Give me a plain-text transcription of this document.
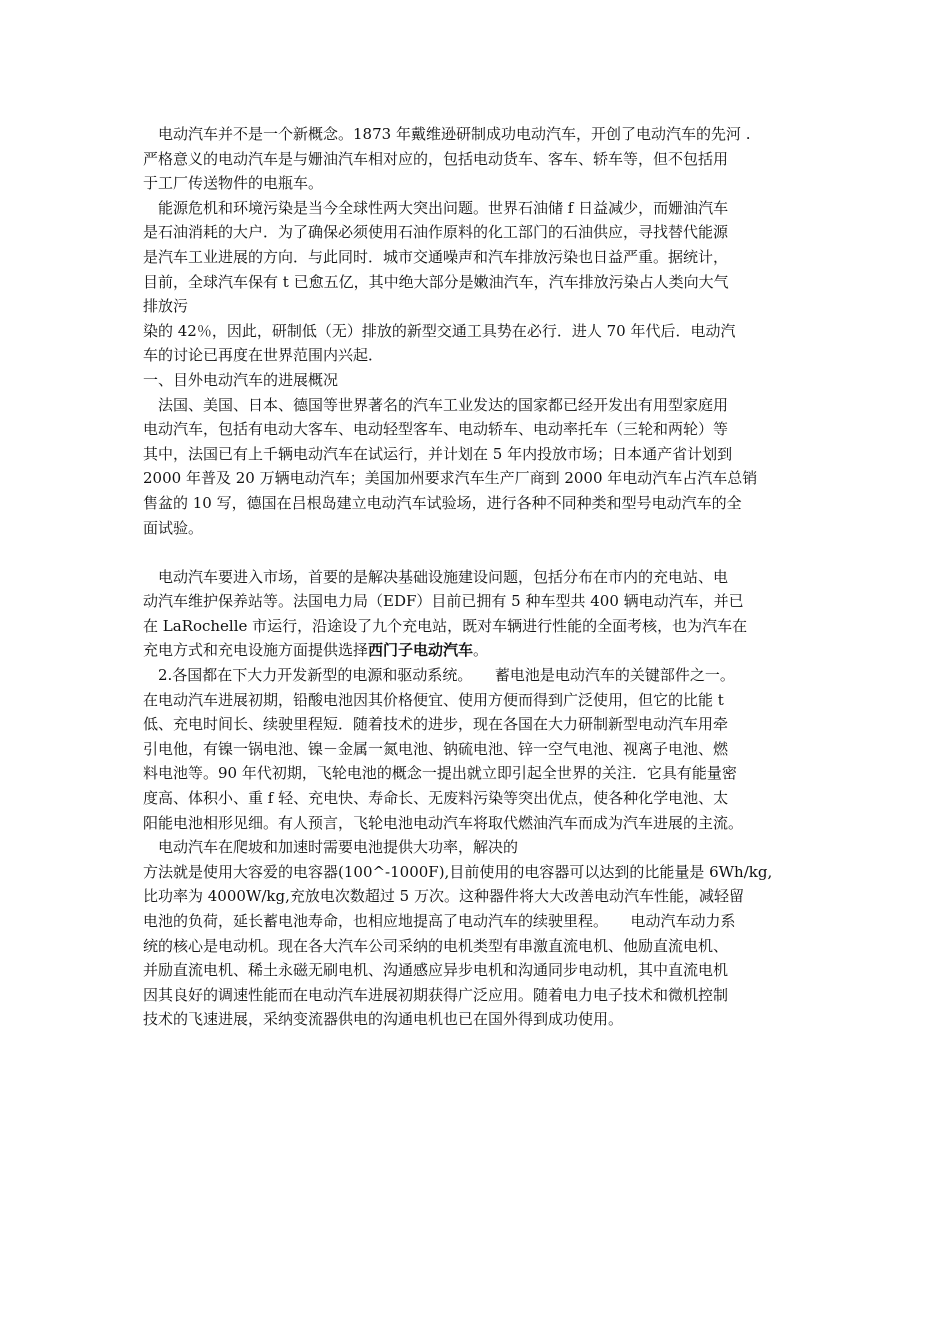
　电动汽车并不是一个新概念。1873 年戴维逊研制成功电动汽车，开创了电动汽车的先河 .
严格意义的电动汽车是与姗油汽车相对应的，包括电动货车、客车、轿车等，但不包括用
于工厂传送物件的电瓶车。
　能源危机和环境污染是当今全球性两大突出问题。世界石油储 f 日益减少，而姗油汽车
是石油消耗的大户．为了确保必须使用石油作原料的化工部门的石油供应，寻找替代能源
是汽车工业进展的方向．与此同时．城市交通噪声和汽车排放污染也日益严重。据统计，
目前，全球汽车保有 t 已愈五亿，其中绝大部分是嫩油汽车，汽车排放污染占人类向大气
排放污
染的 42％，因此，研制低（无）排放的新型交通工具势在必行．进人 70 年代后．电动汽
车的讨论已再度在世界范围内兴起．
一、目外电动汽车的进展概况
　法国、美国、日本、德国等世界著名的汽车工业发达的国家都已经开发出有用型家庭用
电动汽车，包括有电动大客车、电动轻型客车、电动轿车、电动率托车（三轮和两轮）等
其中，法国已有上千辆电动汽车在试运行，并计划在 5 年内投放市场；日本通产省计划到
2000 年普及 20 万辆电动汽车；美国加州要求汽车生产厂商到 2000 年电动汽车占汽车总销
售盆的 10 写，德国在吕根岛建立电动汽车试验场，进行各种不同种类和型号电动汽车的全
面试验。
　电动汽车要进入市场，首要的是解决基础设施建设问题，包括分布在市内的充电站、电
动汽车维护保养站等。法国电力局（EDF）目前已拥有 5 种车型共 400 辆电动汽车，并已
在 LaRochelle 市运行，沿途设了九个充电站，既对车辆进行性能的全面考核，也为汽车在
充电方式和充电设施方面提供选择西门子电动汽车。
　2.各国都在下大力开发新型的电源和驱动系统。　　蓄电池是电动汽车的关键部件之一。
在电动汽车进展初期，铅酸电池因其价格便宜、使用方便而得到广泛使用，但它的比能 t
低、充电时间长、续驶里程短．随着技术的进步，现在各国在大力研制新型电动汽车用牵
引电他，有镍一锅电池、镍－金属一氮电池、钠硫电池、锌一空气电池、视离子电池、燃
料电池等。90 年代初期，飞轮电池的概念一提出就立即引起全世界的关注．它具有能量密
度高、体积小、重 f 轻、充电快、寿命长、无废料污染等突出优点，使各种化学电池、太
阳能电池相形见细。有人预言，飞轮电池电动汽车将取代燃油汽车而成为汽车进展的主流。
　电动汽车在爬坡和加速时需要电池提供大功率，解决的
方法就是使用大容爱的电容器(100^-1000F),目前使用的电容器可以达到的比能量是 6Wh/kg,
比功率为 4000W/kg,充放电次数超过 5 万次。这种器件将大大改善电动汽车性能，减轻留
电池的负荷，延长蓄电池寿命，也相应地提高了电动汽车的续驶里程。　　电动汽车动力系
统的核心是电动机。现在各大汽车公司采纳的电机类型有串激直流电机、他励直流电机、
并励直流电机、稀土永磁无刷电机、沟通感应异步电机和沟通同步电动机，其中直流电机
因其良好的调速性能而在电动汽车进展初期获得广泛应用。随着电力电子技术和微机控制
技术的飞速进展，采纳变流器供电的沟通电机也已在国外得到成功使用。
